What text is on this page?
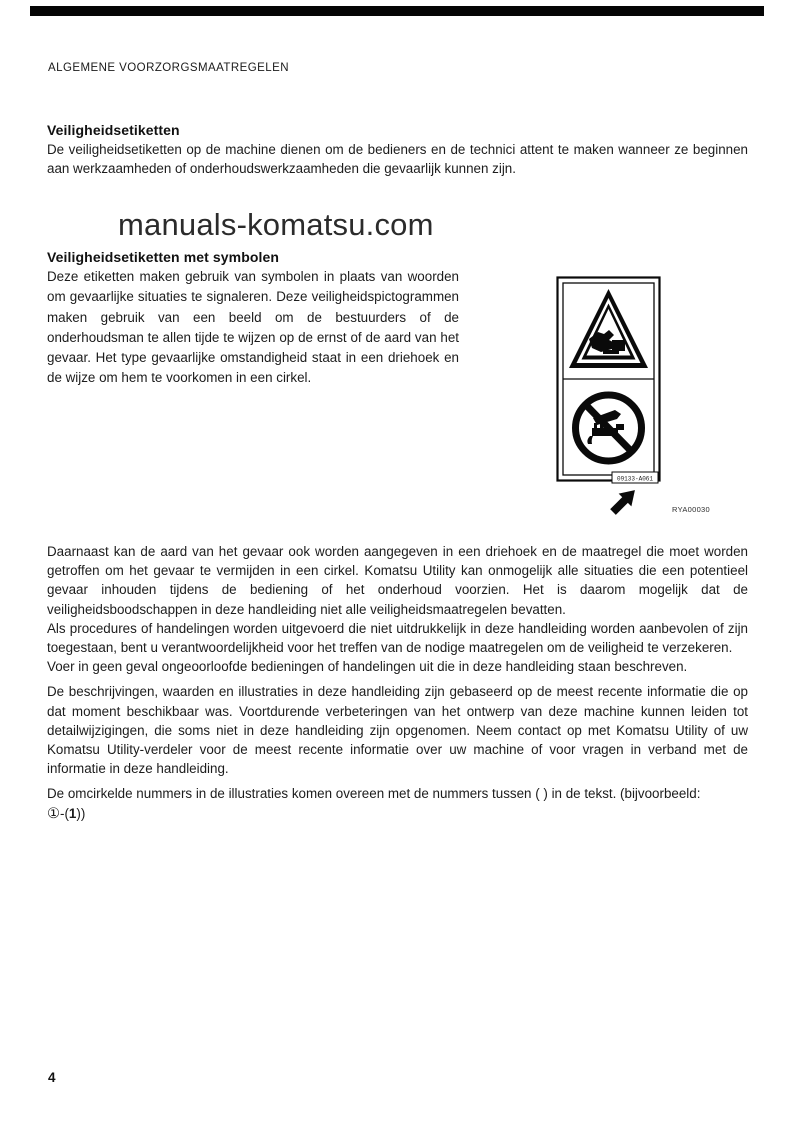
ALGEMENE VOORZORGSMAATREGELEN
Veiligheidsetiketten
De veiligheidsetiketten op de machine dienen om de bedieners en de technici attent te maken wanneer ze beginnen aan werkzaamheden of onderhoudswerkzaamheden die gevaarlijk kunnen zijn.
manuals-komatsu.com
Veiligheidsetiketten met symbolen
Deze etiketten maken gebruik van symbolen in plaats van woorden om gevaarlijke situaties te signaleren. Deze veiligheidspictogrammen maken gebruik van een beeld om de bestuurders of de onderhoudsman te allen tijde te wijzen op de ernst of de aard van het gevaar. Het type gevaarlijke omstandigheid staat in een driehoek en de wijze om hem te voorkomen in een cirkel.
09133-A061
RYA00030

Daarnaast kan de aard van het gevaar ook worden aangegeven in een driehoek en de maatregel die moet worden getroffen om het gevaar te vermijden in een cirkel. Komatsu Utility kan onmogelijk alle situaties die een potentieel gevaar inhouden tijdens de bediening of het onderhoud voorzien. Het is daarom mogelijk dat de veiligheidsboodschappen in deze handleiding niet alle veiligheidsmaatregelen bevatten.

Als procedures of handelingen worden uitgevoerd die niet uitdrukkelijk in deze handleiding worden aanbevolen of zijn toegestaan, bent u verantwoordelijkheid voor het treffen van de nodige maatregelen om de veiligheid te verzekeren.

Voer in geen geval ongeoorloofde bedieningen of handelingen uit die in deze handleiding staan beschreven.

De beschrijvingen, waarden en illustraties in deze handleiding zijn gebaseerd op de meest recente informatie die op dat moment beschikbaar was. Voortdurende verbeteringen van het ontwerp van deze machine kunnen leiden tot detailwijzigingen, die soms niet in deze handleiding zijn opgenomen. Neem contact op met Komatsu Utility of uw Komatsu Utility-verdeler voor de meest recente informatie over uw machine of voor vragen in verband met de informatie in deze handleiding.

De omcirkelde nummers in de illustraties komen overeen met de nummers tussen ( ) in de tekst. (bijvoorbeeld:

①-(1))

4
